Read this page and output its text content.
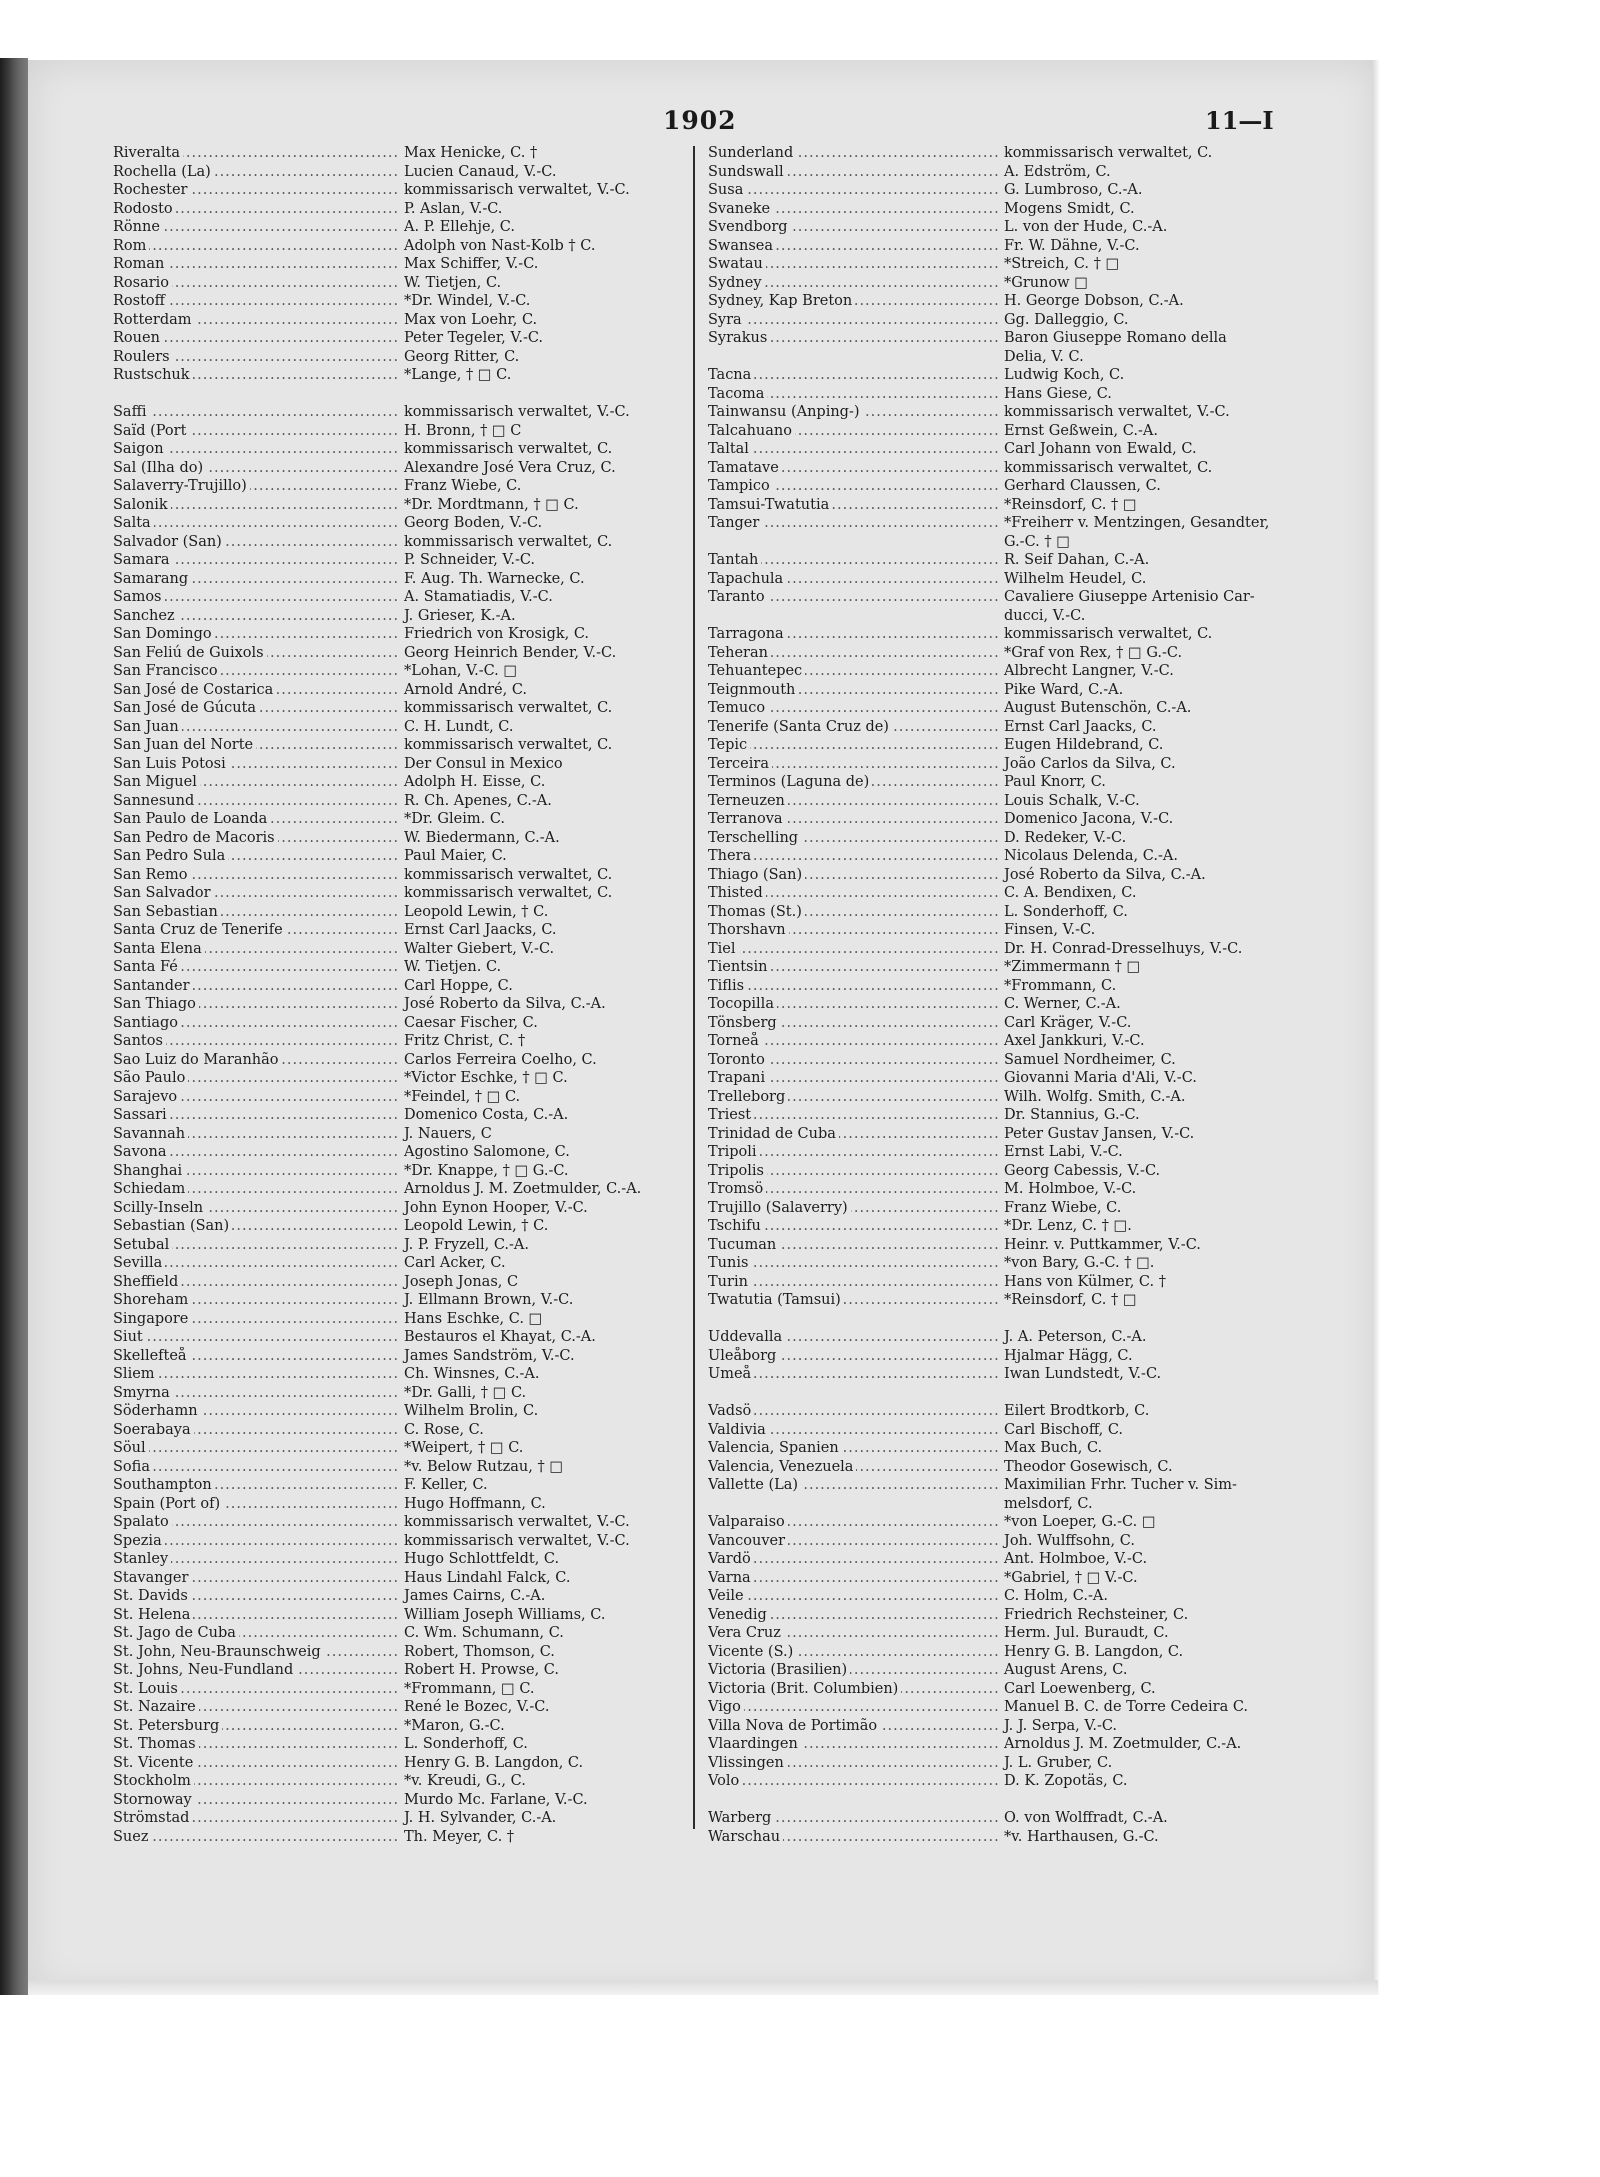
1902	11—I
Riveralta .....	Max Henicke, C. †
Rochella (La) .....	Lucien Canaud, V.-C.
Rochester .....	kommissarisch verwaltet, V.-C.
Rodosto .....	P. Aslan, V.-C.
Rönne .....	A. P. Ellehje, C.
Rom .....	Adolph von Nast-Kolb † C.
Roman .....	Max Schiffer, V.-C.
Rosario .....	W. Tietjen, C.
Rostoff .....	*Dr. Windel, V.-C.
Rotterdam .....	Max von Loehr, C.
Rouen .....	Peter Tegeler, V.-C.
Roulers .....	Georg Ritter, C.
Rustschuk .....	*Lange, † □ C.
Saffi .....	kommissarisch verwaltet, V.-C.
Saïd (Port .....	H. Bronn, † □ C
Saigon .....	kommissarisch verwaltet, C.
Sal (Ilha do) .....	Alexandre José Vera Cruz, C.
Salaverry-Trujillo) .....	Franz Wiebe, C.
Salonik .....	*Dr. Mordtmann, † □ C.
Salta .....	Georg Boden, V.-C.
Salvador (San) .....	kommissarisch verwaltet, C.
Samara .....	P. Schneider, V.-C.
Samarang .....	F. Aug. Th. Warnecke, C.
Samos .....	A. Stamatiadis, V.-C.
Sanchez .....	J. Grieser, K.-A.
San Domingo .....	Friedrich von Krosigk, C.
San Feliú de Guixols .....	Georg Heinrich Bender, V.-C.
San Francisco .....	*Lohan, V.-C. □
San José de Costarica .....	Arnold André, C.
San José de Gúcuta .....	kommissarisch verwaltet, C.
San Juan .....	C. H. Lundt, C.
San Juan del Norte .....	kommissarisch verwaltet, C.
San Luis Potosi .....	Der Consul in Mexico
San Miguel .....	Adolph H. Eisse, C.
Sannesund .....	R. Ch. Apenes, C.-A.
San Paulo de Loanda .....	*Dr. Gleim. C.
San Pedro de Macoris .....	W. Biedermann, C.-A.
San Pedro Sula .....	Paul Maier, C.
San Remo .....	kommissarisch verwaltet, C.
San Salvador .....	kommissarisch verwaltet, C.
San Sebastian .....	Leopold Lewin, † C.
Santa Cruz de Tenerife .....	Ernst Carl Jaacks, C.
Santa Elena .....	Walter Giebert, V.-C.
Santa Fé .....	W. Tietjen. C.
Santander .....	Carl Hoppe, C.
San Thiago .....	José Roberto da Silva, C.-A.
Santiago .....	Caesar Fischer, C.
Santos .....	Fritz Christ, C. †
Sao Luiz do Maranhão .....	Carlos Ferreira Coelho, C.
São Paulo .....	*Victor Eschke, † □ C.
Sarajevo .....	*Feindel, † □ C.
Sassari .....	Domenico Costa, C.-A.
Savannah .....	J. Nauers, C
Savona .....	Agostino Salomone, C.
Shanghai .....	*Dr. Knappe, † □ G.-C.
Schiedam .....	Arnoldus J. M. Zoetmulder, C.-A.
Scilly-Inseln .....	John Eynon Hooper, V.-C.
Sebastian (San) .....	Leopold Lewin, † C.
Setubal .....	J. P. Fryzell, C.-A.
Sevilla .....	Carl Acker, C.
Sheffield .....	Joseph Jonas, C
Shoreham .....	J. Ellmann Brown, V.-C.
Singapore .....	Hans Eschke, C. □
Siut .....	Bestauros el Khayat, C.-A.
Skellefteå .....	James Sandström, V.-C.
Sliem .....	Ch. Winsnes, C.-A.
Smyrna .....	*Dr. Galli, † □ C.
Söderhamn .....	Wilhelm Brolin, C.
Soerabaya .....	C. Rose, C.
Söul .....	*Weipert, † □ C.
Sofia .....	*v. Below Rutzau, † □
Southampton .....	F. Keller, C.
Spain (Port of) .....	Hugo Hoffmann, C.
Spalato .....	kommissarisch verwaltet, V.-C.
Spezia .....	kommissarisch verwaltet, V.-C.
Stanley .....	Hugo Schlottfeldt, C.
Stavanger .....	Haus Lindahl Falck, C.
St. Davids .....	James Cairns, C.-A.
St. Helena .....	William Joseph Williams, C.
St. Jago de Cuba .....	C. Wm. Schumann, C.
St. John, Neu-Braunschweig .....	Robert, Thomson, C.
St. Johns, Neu-Fundland .....	Robert H. Prowse, C.
St. Louis .....	*Frommann, □ C.
St. Nazaire .....	René le Bozec, V.-C.
St. Petersburg .....	*Maron, G.-C.
St. Thomas .....	L. Sonderhoff, C.
St. Vicente .....	Henry G. B. Langdon, C.
Stockholm .....	*v. Kreudi, G., C.
Stornoway .....	Murdo Mc. Farlane, V.-C.
Strömstad .....	J. H. Sylvander, C.-A.
Suez .....	Th. Meyer, C. †
Sunderland .....	kommissarisch verwaltet, C.
Sundswall .....	A. Edström, C.
Susa .....	G. Lumbroso, C.-A.
Svaneke .....	Mogens Smidt, C.
Svendborg .....	L. von der Hude, C.-A.
Swansea .....	Fr. W. Dähne, V.-C.
Swatau .....	*Streich, C. † □
Sydney .....	*Grunow □
Sydney, Kap Breton .....	H. George Dobson, C.-A.
Syra .....	Gg. Dalleggio, C.
Syrakus .....	Baron Giuseppe Romano della
Delia, V. C.
Tacna .....	Ludwig Koch, C.
Tacoma .....	Hans Giese, C.
Tainwansu (Anping-) .....	kommissarisch verwaltet, V.-C.
Talcahuano .....	Ernst Geßwein, C.-A.
Taltal .....	Carl Johann von Ewald, C.
Tamatave .....	kommissarisch verwaltet, C.
Tampico .....	Gerhard Claussen, C.
Tamsui-Twatutia .....	*Reinsdorf, C. † □
Tanger .....	*Freiherr v. Mentzingen, Gesandter,
G.-C. † □
Tantah .....	R. Seif Dahan, C.-A.
Tapachula .....	Wilhelm Heudel, C.
Taranto .....	Cavaliere Giuseppe Artenisio Car-
ducci, V.-C.
Tarragona .....	kommissarisch verwaltet, C.
Teheran .....	*Graf von Rex, † □ G.-C.
Tehuantepec .....	Albrecht Langner, V.-C.
Teignmouth .....	Pike Ward, C.-A.
Temuco .....	August Butenschön, C.-A.
Tenerife (Santa Cruz de) .....	Ernst Carl Jaacks, C.
Tepic .....	Eugen Hildebrand, C.
Terceira .....	João Carlos da Silva, C.
Terminos (Laguna de) .....	Paul Knorr, C.
Terneuzen .....	Louis Schalk, V.-C.
Terranova .....	Domenico Jacona, V.-C.
Terschelling .....	D. Redeker, V.-C.
Thera .....	Nicolaus Delenda, C.-A.
Thiago (San) .....	José Roberto da Silva, C.-A.
Thisted .....	C. A. Bendixen, C.
Thomas (St.) .....	L. Sonderhoff, C.
Thorshavn .....	Finsen, V.-C.
Tiel .....	Dr. H. Conrad-Dresselhuys, V.-C.
Tientsin .....	*Zimmermann † □
Tiflis .....	*Frommann, C.
Tocopilla .....	C. Werner, C.-A.
Tönsberg .....	Carl Kräger, V.-C.
Torneå .....	Axel Jankkuri, V.-C.
Toronto .....	Samuel Nordheimer, C.
Trapani .....	Giovanni Maria d'Ali, V.-C.
Trelleborg .....	Wilh. Wolfg. Smith, C.-A.
Triest .....	Dr. Stannius, G.-C.
Trinidad de Cuba .....	Peter Gustav Jansen, V.-C.
Tripoli .....	Ernst Labi, V.-C.
Tripolis .....	Georg Cabessis, V.-C.
Tromsö .....	M. Holmboe, V.-C.
Trujillo (Salaverry) .....	Franz Wiebe, C.
Tschifu .....	*Dr. Lenz, C. † □.
Tucuman .....	Heinr. v. Puttkammer, V.-C.
Tunis .....	*von Bary, G.-C. † □.
Turin .....	Hans von Külmer, C. †
Twatutia (Tamsui) .....	*Reinsdorf, C. † □
Uddevalla .....	J. A. Peterson, C.-A.
Uleåborg .....	Hjalmar Hägg, C.
Umeå .....	Iwan Lundstedt, V.-C.
Vadsö .....	Eilert Brodtkorb, C.
Valdivia .....	Carl Bischoff, C.
Valencia, Spanien .....	Max Buch, C.
Valencia, Venezuela .....	Theodor Gosewisch, C.
Vallette (La) .....	Maximilian Frhr. Tucher v. Sim-
melsdorf, C.
Valparaiso .....	*von Loeper, G.-C. □
Vancouver .....	Joh. Wulffsohn, C.
Vardö .....	Ant. Holmboe, V.-C.
Varna .....	*Gabriel, † □ V.-C.
Veile .....	C. Holm, C.-A.
Venedig .....	Friedrich Rechsteiner, C.
Vera Cruz .....	Herm. Jul. Buraudt, C.
Vicente (S.) .....	Henry G. B. Langdon, C.
Victoria (Brasilien) .....	August Arens, C.
Victoria (Brit. Columbien) .....	Carl Loewenberg, C.
Vigo .....	Manuel B. C. de Torre Cedeira C.
Villa Nova de Portimão .....	J. J. Serpa, V.-C.
Vlaardingen .....	Arnoldus J. M. Zoetmulder, C.-A.
Vlissingen .....	J. L. Gruber, C.
Volo .....	D. K. Zopotäs, C.
Warberg .....	O. von Wolffradt, C.-A.
Warschau .....	*v. Harthausen, G.-C.
